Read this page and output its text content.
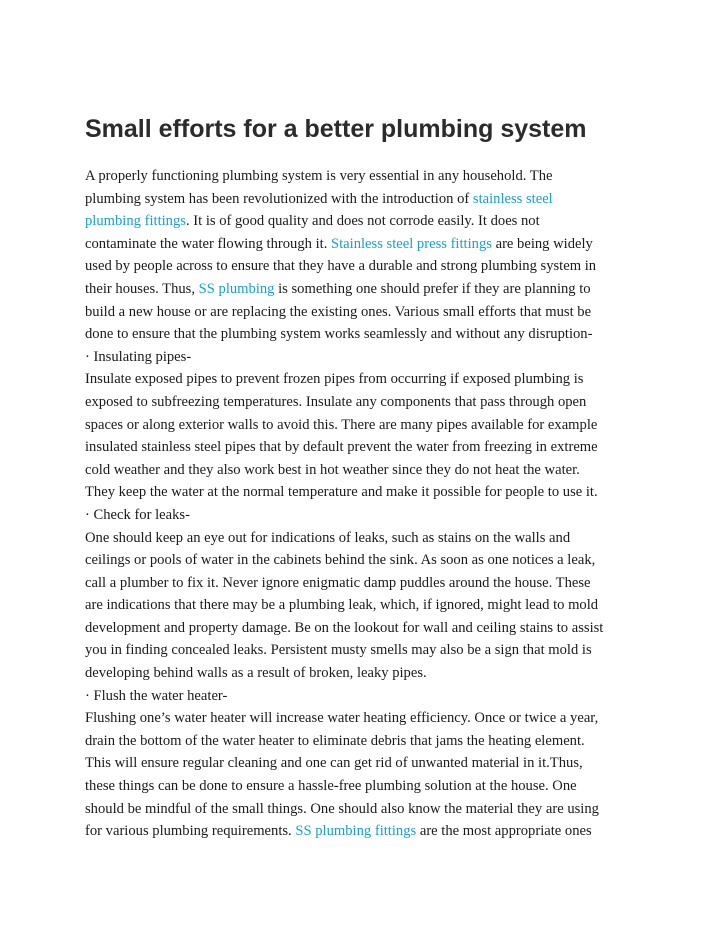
Small efforts for a better plumbing system
A properly functioning plumbing system is very essential in any household. The
plumbing system has been revolutionized with the introduction of stainless steel
plumbing fittings. It is of good quality and does not corrode easily. It does not
contaminate the water flowing through it. Stainless steel press fittings are being widely
used by people across to ensure that they have a durable and strong plumbing system in
their houses. Thus, SS plumbing is something one should prefer if they are planning to
build a new house or are replacing the existing ones. Various small efforts that must be
done to ensure that the plumbing system works seamlessly and without any disruption-
· Insulating pipes-
Insulate exposed pipes to prevent frozen pipes from occurring if exposed plumbing is
exposed to subfreezing temperatures. Insulate any components that pass through open
spaces or along exterior walls to avoid this. There are many pipes available for example
insulated stainless steel pipes that by default prevent the water from freezing in extreme
cold weather and they also work best in hot weather since they do not heat the water.
They keep the water at the normal temperature and make it possible for people to use it.
· Check for leaks-
One should keep an eye out for indications of leaks, such as stains on the walls and
ceilings or pools of water in the cabinets behind the sink. As soon as one notices a leak,
call a plumber to fix it. Never ignore enigmatic damp puddles around the house. These
are indications that there may be a plumbing leak, which, if ignored, might lead to mold
development and property damage. Be on the lookout for wall and ceiling stains to assist
you in finding concealed leaks. Persistent musty smells may also be a sign that mold is
developing behind walls as a result of broken, leaky pipes.
· Flush the water heater-
Flushing one’s water heater will increase water heating efficiency. Once or twice a year,
drain the bottom of the water heater to eliminate debris that jams the heating element.
This will ensure regular cleaning and one can get rid of unwanted material in it.Thus,
these things can be done to ensure a hassle-free plumbing solution at the house. One
should be mindful of the small things. One should also know the material they are using
for various plumbing requirements. SS plumbing fittings are the most appropriate ones
